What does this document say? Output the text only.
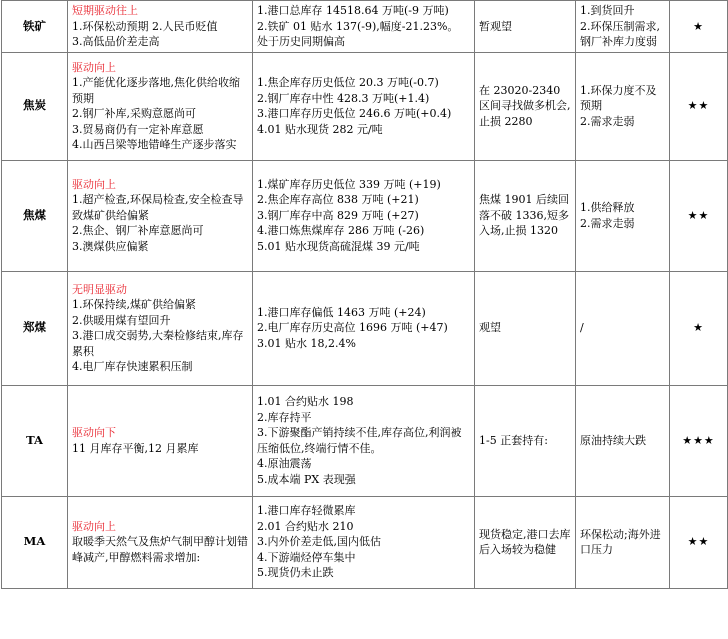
铁矿	短期驱动往上
1.环保松动预期 2.人民币贬值
3.高低品价差走高	1.港口总库存 14518.64 万吨(-9 万吨)
2.铁矿 01 贴水 137(-9),幅度-21.23%。
处于历史同期偏高	暂观望	1.到货回升
2.环保压制需求,钢厂补库力度弱	★
焦炭	驱动向上
1.产能优化逐步落地,焦化供给收缩预期
2.钢厂补库,采购意愿尚可
3.贸易商仍有一定补库意愿
4.山西吕梁等地错峰生产逐步落实	1.焦企库存历史低位 20.3 万吨(-0.7)
2.钢厂库存中性 428.3 万吨(+1.4)
3.港口库存历史低位 246.6 万吨(+0.4)
4.01 贴水现货 282 元/吨	在 23020-2340 区间寻找做多机会,止损 2280	1.环保力度不及预期
2.需求走弱	★★
焦煤	驱动向上
1.超产检查,环保局检查,安全检查导致煤矿供给偏紧
2.焦企、钢厂补库意愿尚可
3.澳煤供应偏紧	1.煤矿库存历史低位 339 万吨 (+19)
2.焦企库存高位 838 万吨 (+21)
3.钢厂库存中高 829 万吨 (+27)
4.港口炼焦煤库存 286 万吨 (-26)
5.01 贴水现货高硫混煤 39 元/吨	焦煤 1901 后续回落不破 1336,短多入场,止损 1320	1.供给释放
2.需求走弱	★★
郑煤	无明显驱动
1.环保持续,煤矿供给偏紧
2.供暖用煤有望回升
3.港口成交弱势,大秦检修结束,库存累积
4.电厂库存快速累积压制	1.港口库存偏低 1463 万吨 (+24)
2.电厂库存历史高位 1696 万吨 (+47)
3.01 贴水 18,2.4%	观望	/	★
TA	驱动向下
11 月库存平衡,12 月累库	1.01 合约贴水 198
2.库存持平
3.下游聚酯产销持续不佳,库存高位,利润被压缩低位,终端行情不佳。
4.原油震荡
5.成本端 PX 表现强	1-5 正套持有:	原油持续大跌	★★★
MA	驱动向上
取暖季天然气及焦炉气制甲醇计划错峰减产,甲醇燃料需求增加:	1.港口库存轻微累库
2.01 合约贴水 210
3.内外价差走低,国内低估
4.下游端烃停车集中
5.现货仍未止跌	现货稳定,港口去库后入场较为稳健	环保松动;海外进口压力	★★
